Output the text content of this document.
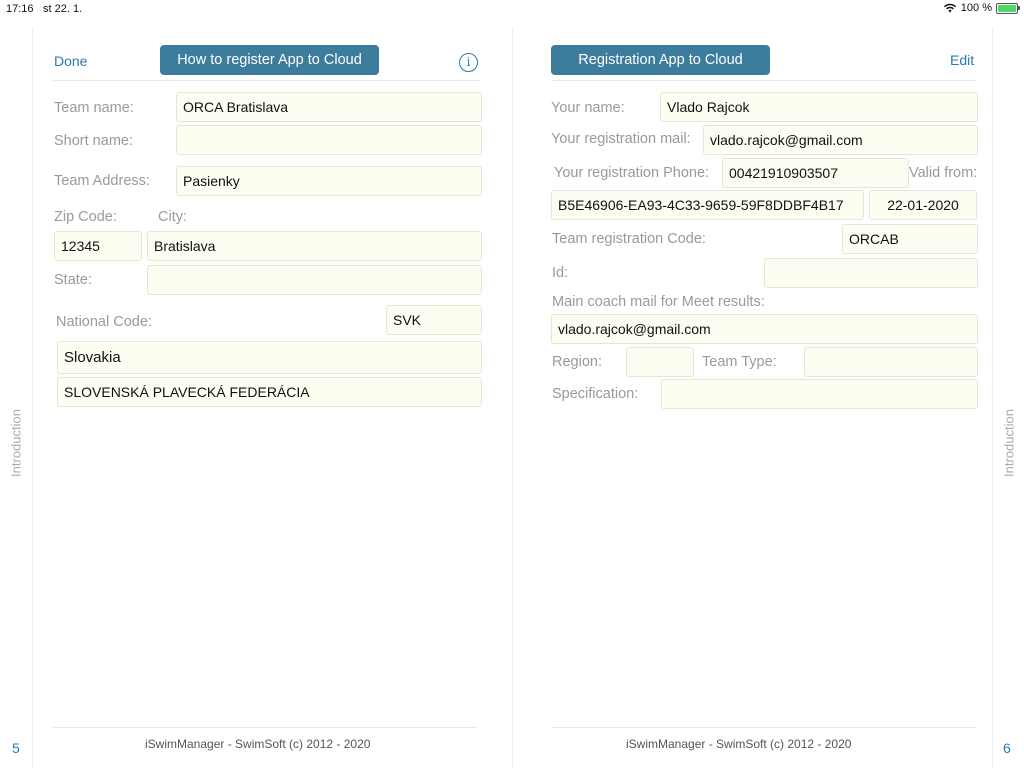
17:16 st 22. 1.	100 %
Introduction
5
Introduction
6
Done	How to register App to Cloud	i
Team name:	ORCA Bratislava
Short name:
Team Address:	Pasienky
Zip Code:	City:
12345	Bratislava
State:
National Code:	SVK
Slovakia
SLOVENSKÁ PLAVECKÁ FEDERÁCIA
iSwimManager - SwimSoft (c) 2012 - 2020
Registration App to Cloud	Edit
Your name:	Vlado Rajcok
Your registration mail:	vlado.rajcok@gmail.com
Your registration Phone:	00421910903507	Valid from:
B5E46906-EA93-4C33-9659-59F8DDBF4B17	22-01-2020
Team registration Code:	ORCAB
Id:
Main coach mail for Meet results:
vlado.rajcok@gmail.com
Region:	Team Type:
Specification:
iSwimManager - SwimSoft (c) 2012 - 2020
